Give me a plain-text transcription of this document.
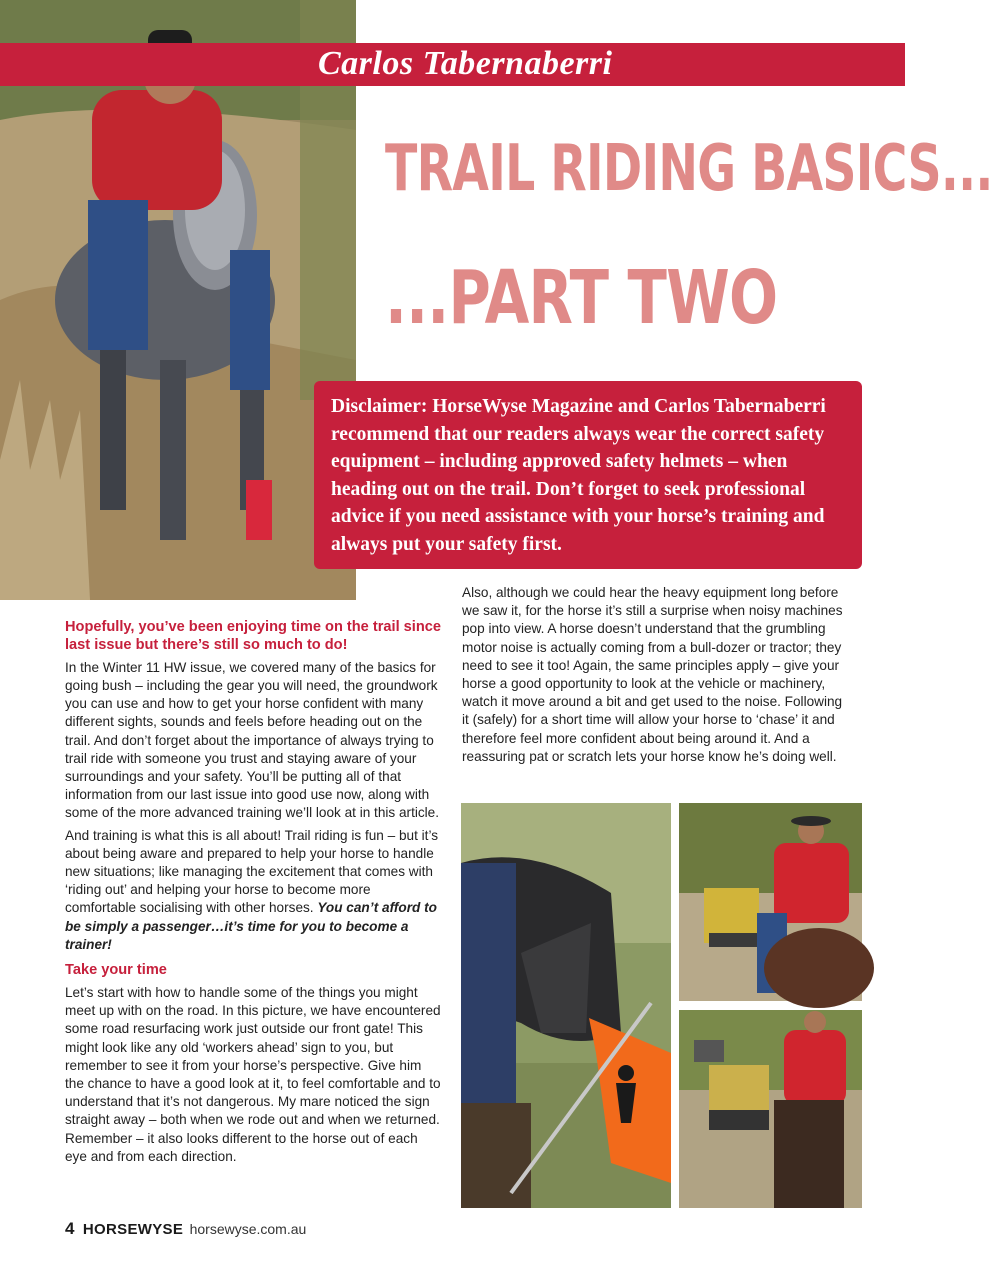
Carlos Tabernaberri
TRAIL RIDING BASICS...
...PART TWO

Disclaimer: HorseWyse Magazine and Carlos Tabernaberri recommend that our readers always wear the correct safety equipment – including approved safety helmets – when heading out on the trail. Don’t forget to seek professional advice if you need assistance with your horse’s training and always put your safety first.

Hopefully, you’ve been enjoying time on the trail since last issue but there’s still so much to do!

In the Winter 11 HW issue, we covered many of the basics for going bush – including the gear you will need, the groundwork you can use and how to get your horse confident with many different sights, sounds and feels before heading out on the trail. And don’t forget about the importance of always trying to trail ride with someone you trust and staying aware of your surroundings and your safety. You’ll be putting all of that information from our last issue into good use now, along with some of the more advanced training we’ll look at in this article.

And training is what this is all about! Trail riding is fun – but it’s about being aware and prepared to help your horse to handle new situations; like managing the excitement that comes with ‘riding out’ and helping your horse to become more comfortable socialising with other horses. You can’t afford to be simply a passenger…it’s time for you to become a trainer!

Take your time

Let’s start with how to handle some of the things you might meet up with on the road. In this picture, we have encountered some road resurfacing work just outside our front gate! This might look like any old ‘workers ahead’ sign to you, but remember to see it from your horse’s perspective. Give him the chance to have a good look at it, to feel comfortable and to understand that it’s not dangerous. My mare noticed the sign straight away – both when we rode out and when we returned. Remember – it also looks different to the horse out of each eye and from each direction.

Also, although we could hear the heavy equipment long before we saw it, for the horse it’s still a surprise when noisy machines pop into view. A horse doesn’t understand that the grumbling motor noise is actually coming from a bull-dozer or tractor; they need to see it too! Again, the same principles apply – give your horse a good opportunity to look at the vehicle or machinery, watch it move around a bit and get used to the noise. Following it (safely) for a short time will allow your horse to ‘chase’ it and therefore feel more confident about being around it. And a reassuring pat or scratch lets your horse know he’s doing well.

4 HORSEWYSE horsewyse.com.au
